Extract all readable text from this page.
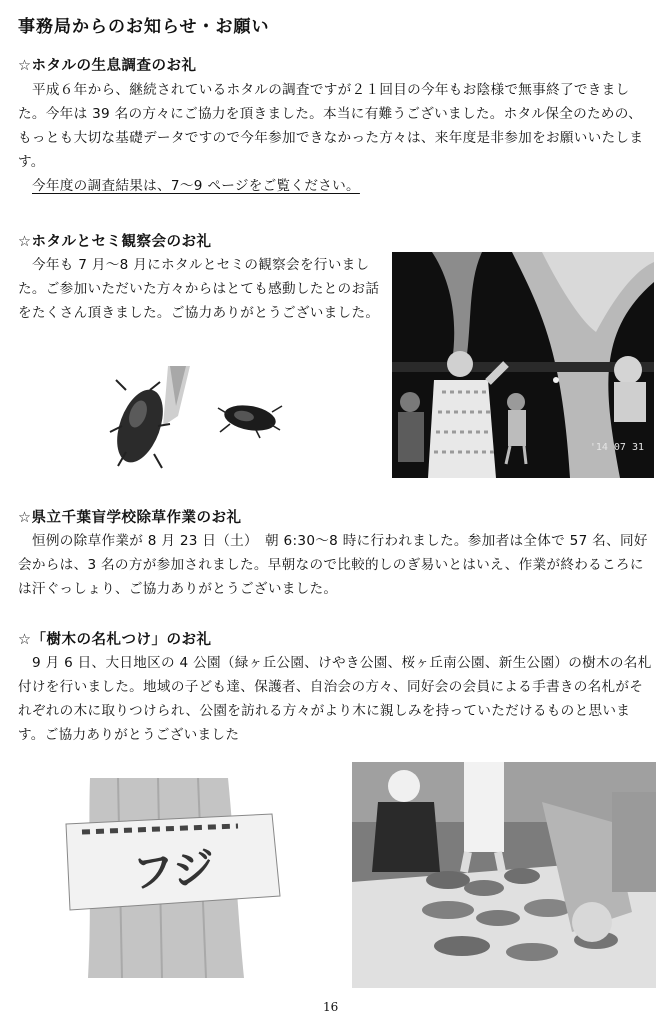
事務局からのお知らせ・お願い
☆ホタルの生息調査のお礼

平成６年から、継続されているホタルの調査ですが２１回目の今年もお陰様で無事終了できました。今年は 39 名の方々にご協力を頂きました。本当に有難うございました。ホタル保全のための、もっとも大切な基礎データですので今年参加できなかった方々は、来年度是非参加をお願いいたします。

今年度の調査結果は、7〜9 ページをご覧ください。

☆ホタルとセミ観察会のお礼

今年も 7 月～8 月にホタルとセミの観察会を行いました。ご参加いただいた方々からはとても感動したとのお話をたくさん頂きました。ご協力ありがとうございました。

'14 07 31
☆県立千葉盲学校除草作業のお礼

恒例の除草作業が 8 月 23 日（土）　朝 6:30～8 時に行われました。参加者は全体で 57 名、同好会からは、3 名の方が参加されました。早朝なので比較的しのぎ易いとはいえ、作業が終わるころには汗ぐっしょり、ご協力ありがとうございました。

☆「樹木の名札つけ」のお礼

9 月 6 日、大日地区の 4 公園（緑ヶ丘公園、けやき公園、桜ヶ丘南公園、新生公園）の樹木の名札付けを行いました。地域の子ども達、保護者、自治会の方々、同好会の会員による手書きの名札がそれぞれの木に取りつけられ、公園を訪れる方々がより木に親しみを持っていただけるものと思います。ご協力ありがとうございました

フジ
16
